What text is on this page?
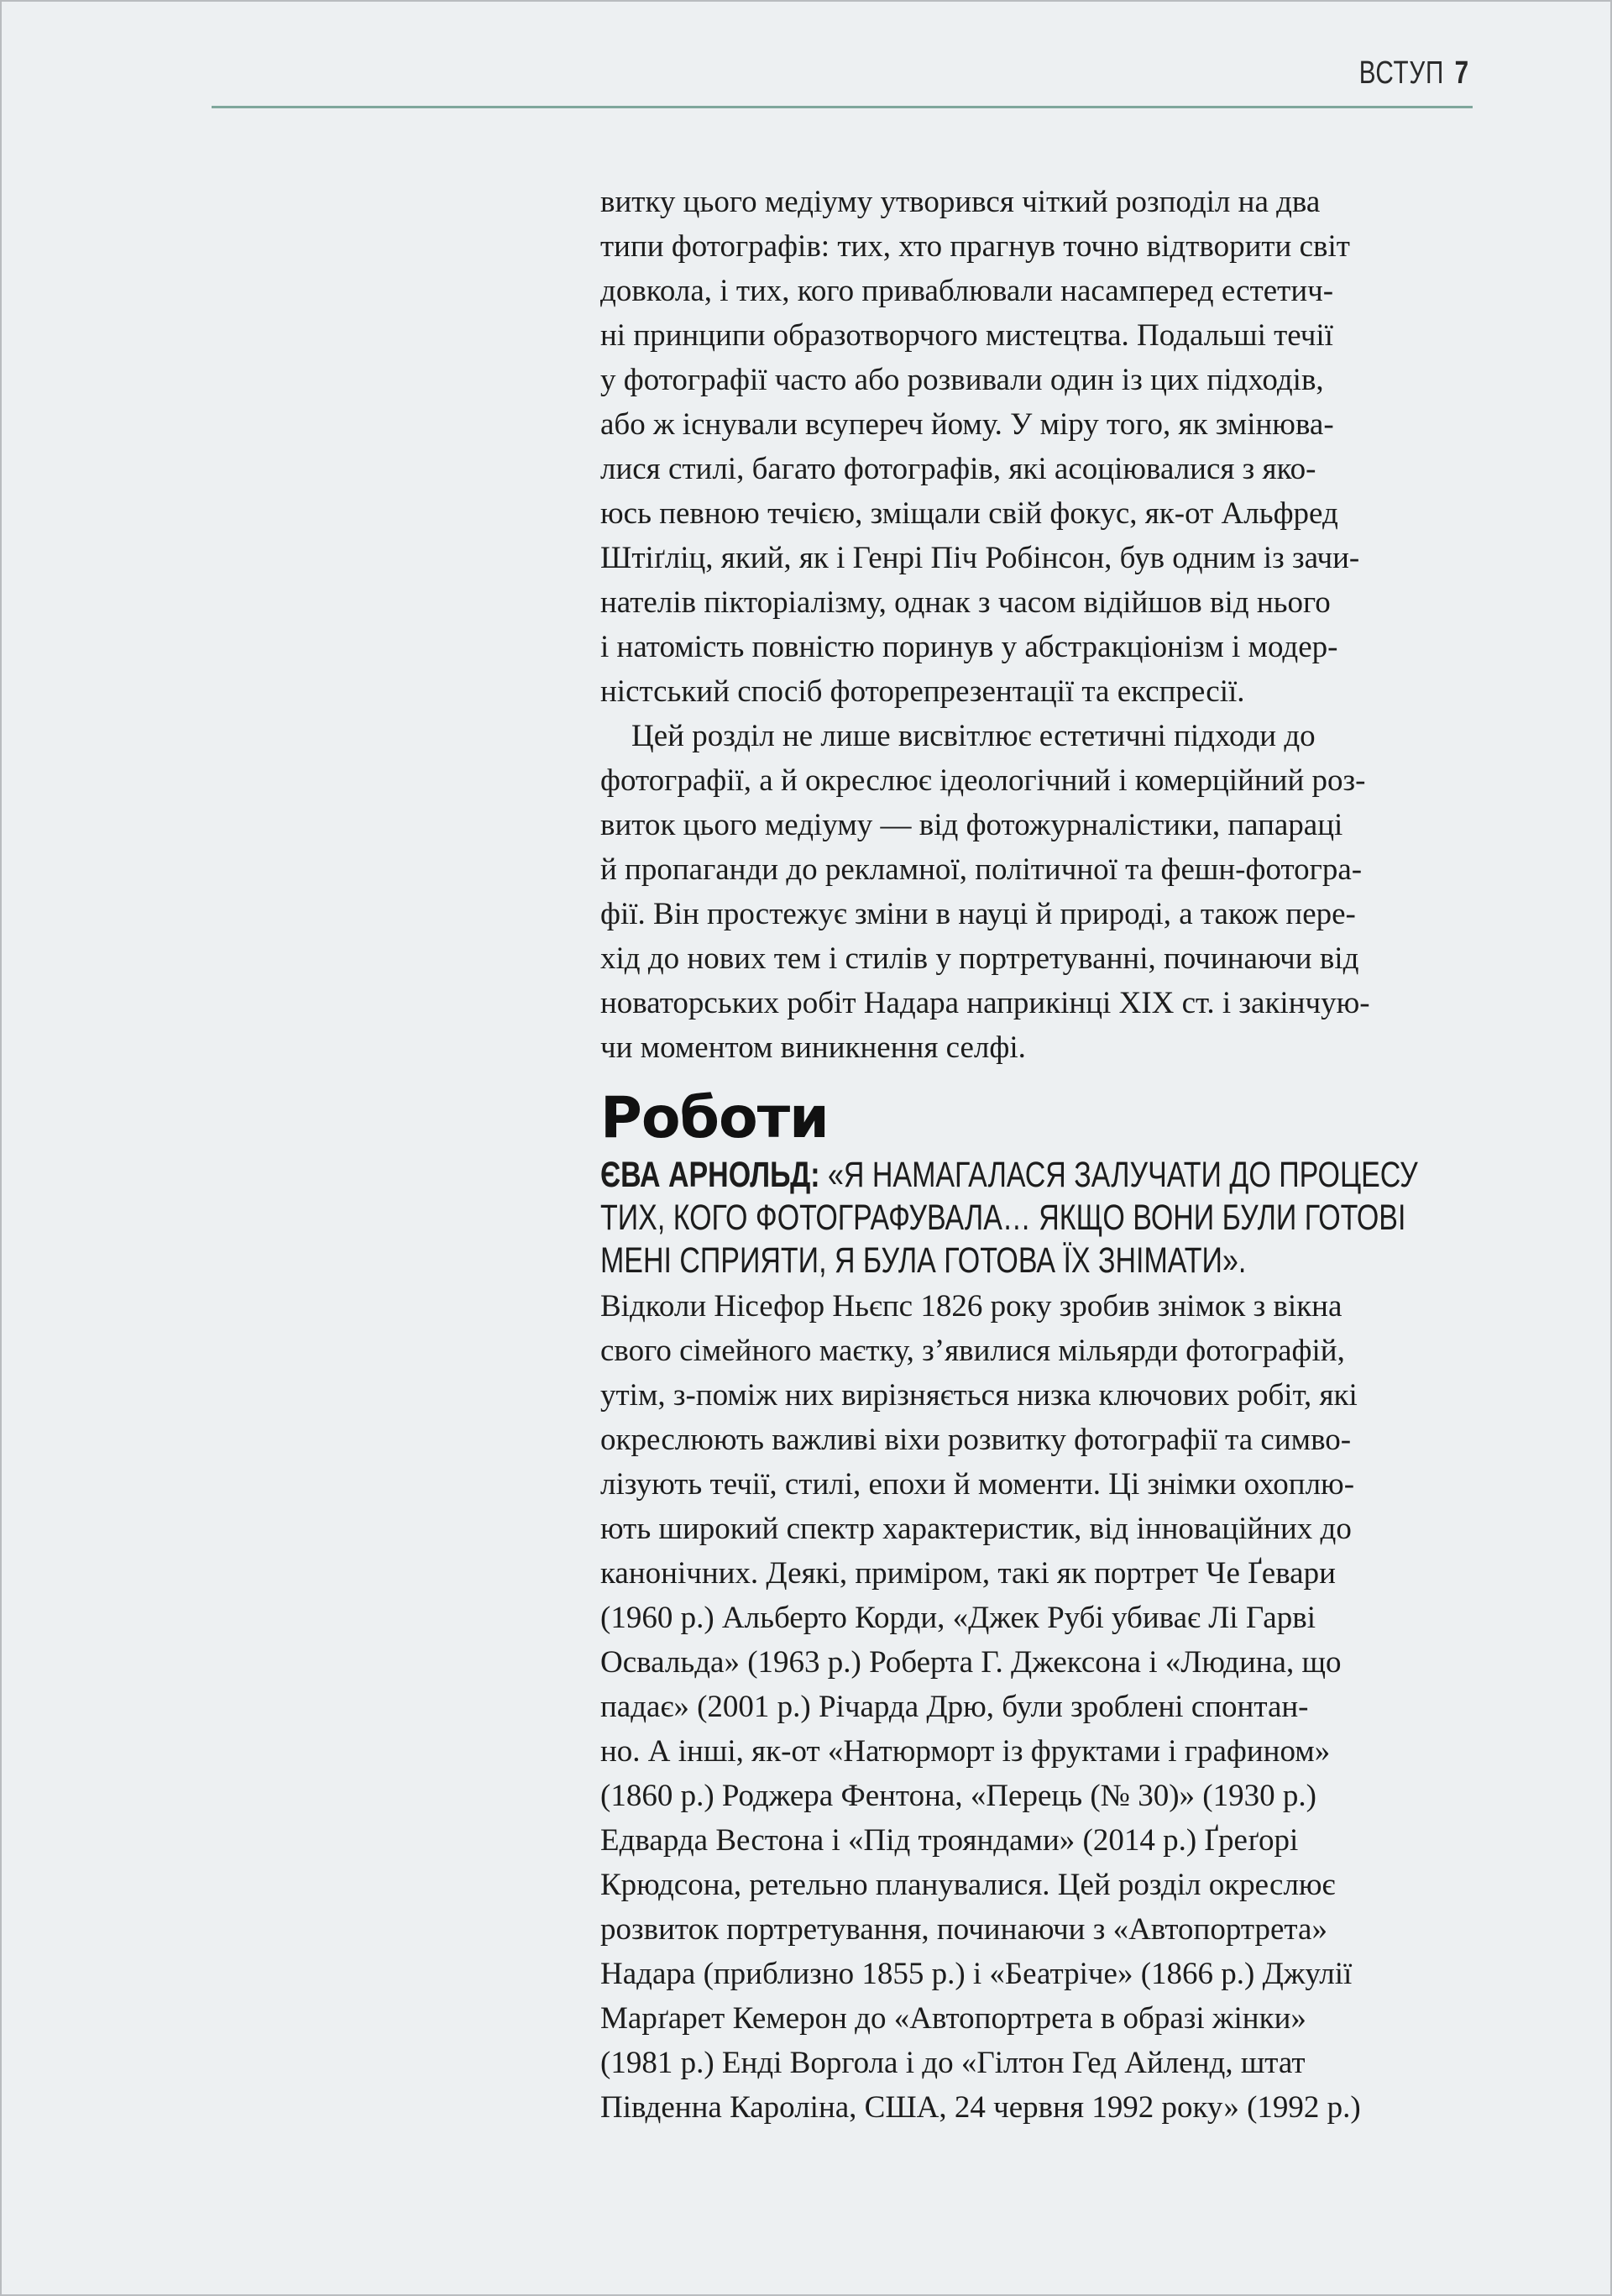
ВСТУП 7
витку цього медіуму утворився чіткий розподіл на два
типи фотографів: тих, хто прагнув точно відтворити світ
довкола, і тих, кого приваблювали насамперед естетич-
ні принципи образотворчого мистецтва. Подальші течії
у фотографії часто або розвивали один із цих підходів,
або ж існували всупереч йому. У міру того, як змінюва-
лися стилі, багато фотографів, які асоціювалися з яко-
юсь певною течією, зміщали свій фокус, як-от Альфред
Штіґліц, який, як і Генрі Піч Робінсон, був одним із зачи-
нателів пікторіалізму, однак з часом відійшов від нього
і натомість повністю поринув у абстракціонізм і модер-
ністський спосіб фоторепрезентації та експресії.
Цей розділ не лише висвітлює естетичні підходи до
фотографії, а й окреслює ідеологічний і комерційний роз-
виток цього медіуму — від фотожурналістики, папараці
й пропаганди до рекламної, політичної та фешн-фотогра-
фії. Він простежує зміни в науці й природі, а також пере-
хід до нових тем і стилів у портретуванні, починаючи від
новаторських робіт Надара наприкінці XIX ст. і закінчую-
чи моментом виникнення селфі.
Роботи
ЄВА АРНОЛЬД: «Я НАМАГАЛАСЯ ЗАЛУЧАТИ ДО ПРОЦЕСУ
ТИХ, КОГО ФОТОГРАФУВАЛА… ЯКЩО ВОНИ БУЛИ ГОТОВІ
МЕНІ СПРИЯТИ, Я БУЛА ГОТОВА ЇХ ЗНІМАТИ».
Відколи Нісефор Ньєпс 1826 року зробив знімок з вікна
свого сімейного маєтку, з’явилися мільярди фотографій,
утім, з-поміж них вирізняється низка ключових робіт, які
окреслюють важливі віхи розвитку фотографії та симво-
лізують течії, стилі, епохи й моменти. Ці знімки охоплю-
ють широкий спектр характеристик, від інноваційних до
канонічних. Деякі, приміром, такі як портрет Че Ґевари
(1960 р.) Альберто Корди, «Джек Рубі убиває Лі Гарві
Освальда» (1963 р.) Роберта Г. Джексона і «Людина, що
падає» (2001 р.) Річарда Дрю, були зроблені спонтан-
но. А інші, як-от «Натюрморт із фруктами і графином»
(1860 р.) Роджера Фентона, «Перець (№ 30)» (1930 р.)
Едварда Вестона і «Під трояндами» (2014 р.) Ґреґорі
Крюдсона, ретельно планувалися. Цей розділ окреслює
розвиток портретування, починаючи з «Автопортрета»
Надара (приблизно 1855 р.) і «Беатріче» (1866 р.) Джулії
Марґарет Кемерон до «Автопортрета в образі жінки»
(1981 р.) Енді Воргола і до «Гілтон Гед Айленд, штат
Південна Кароліна, США, 24 червня 1992 року» (1992 р.)
